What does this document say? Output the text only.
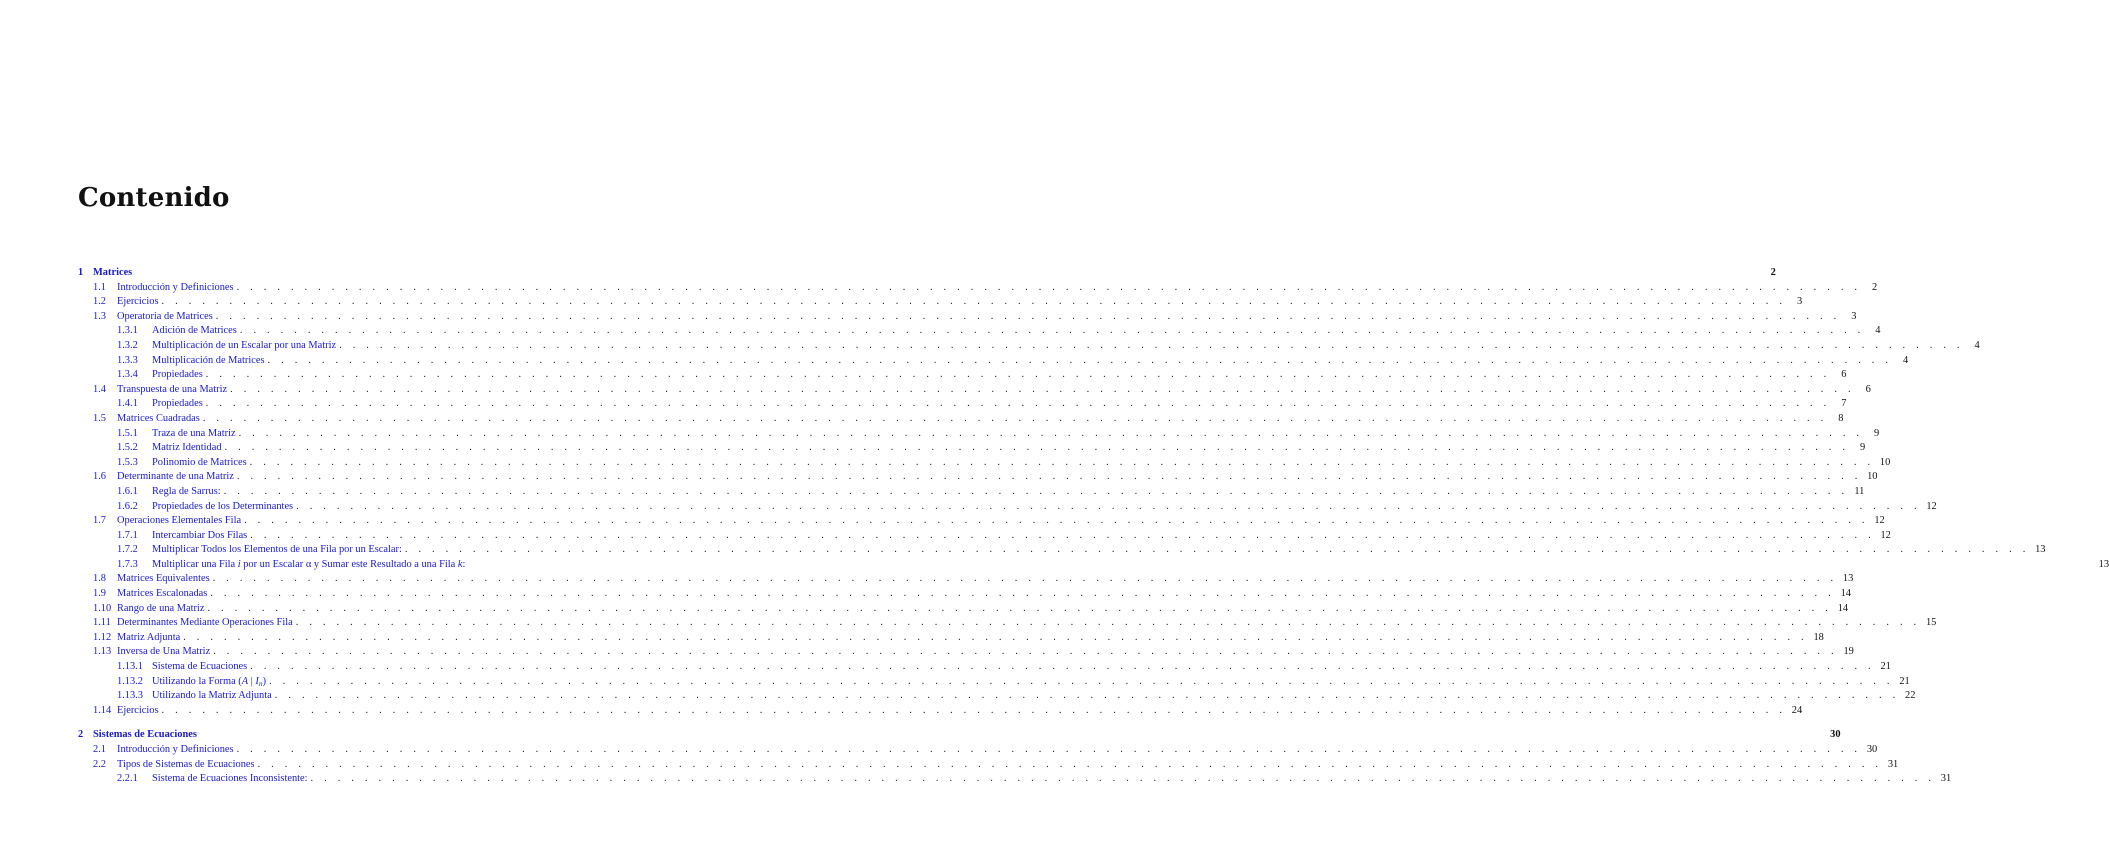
Contenido
1 Matrices	2
1.1	Introducción y Definiciones . . . . . . . . . . . . . . . . . . . . . . . . . . . . . . . . . . . . . . . . . . . . . . . . . . . . . . . . . . . . . . . . . . . . . . . . . . . . . . . . . . . . . . . . . . . . . . . . . . . . . . . . . . . . . . . . . . . . . . . .	2
1.2	Ejercicios . . . . . . . . . . . . . . . . . . . . . . . . . . . . . . . . . . . . . . . . . . . . . . . . . . . . . . . . . . . . . . . . . . . . . . . . . . . . . . . . . . . . . . . . . . . . . . . . . . . . . . . . . . . . . . . . . . . . . . . .	3
1.3	Operatoria de Matrices . . . . . . . . . . . . . . . . . . . . . . . . . . . . . . . . . . . . . . . . . . . . . . . . . . . . . . . . . . . . . . . . . . . . . . . . . . . . . . . . . . . . . . . . . . . . . . . . . . . . . . . . . . . . . . . . . . . . . . . .	3
1.3.1	Adición de Matrices . . . . . . . . . . . . . . . . . . . . . . . . . . . . . . . . . . . . . . . . . . . . . . . . . . . . . . . . . . . . . . . . . . . . . . . . . . . . . . . . . . . . . . . . . . . . . . . . . . . . . . . . . . . . . . . . . . . . . . . .	4
1.3.2	Multiplicación de un Escalar por una Matriz . . . . . . . . . . . . . . . . . . . . . . . . . . . . . . . . . . . . . . . . . . . . . . . . . . . . . . . . . . . . . . . . . . . . . . . . . . . . . . . . . . . . . . . . . . . . . . . . . . . . . . . . . . . . . . . . . . . . . . . .	4
1.3.3	Multiplicación de Matrices . . . . . . . . . . . . . . . . . . . . . . . . . . . . . . . . . . . . . . . . . . . . . . . . . . . . . . . . . . . . . . . . . . . . . . . . . . . . . . . . . . . . . . . . . . . . . . . . . . . . . . . . . . . . . . . . . . . . . . . .	4
1.3.4	Propiedades . . . . . . . . . . . . . . . . . . . . . . . . . . . . . . . . . . . . . . . . . . . . . . . . . . . . . . . . . . . . . . . . . . . . . . . . . . . . . . . . . . . . . . . . . . . . . . . . . . . . . . . . . . . . . . . . . . . . . . . .	6
1.4	Transpuesta de una Matriz . . . . . . . . . . . . . . . . . . . . . . . . . . . . . . . . . . . . . . . . . . . . . . . . . . . . . . . . . . . . . . . . . . . . . . . . . . . . . . . . . . . . . . . . . . . . . . . . . . . . . . . . . . . . . . . . . . . . . . . .	6
1.4.1	Propiedades . . . . . . . . . . . . . . . . . . . . . . . . . . . . . . . . . . . . . . . . . . . . . . . . . . . . . . . . . . . . . . . . . . . . . . . . . . . . . . . . . . . . . . . . . . . . . . . . . . . . . . . . . . . . . . . . . . . . . . . .	7
1.5	Matrices Cuadradas . . . . . . . . . . . . . . . . . . . . . . . . . . . . . . . . . . . . . . . . . . . . . . . . . . . . . . . . . . . . . . . . . . . . . . . . . . . . . . . . . . . . . . . . . . . . . . . . . . . . . . . . . . . . . . . . . . . . . . . .	8
1.5.1	Traza de una Matriz . . . . . . . . . . . . . . . . . . . . . . . . . . . . . . . . . . . . . . . . . . . . . . . . . . . . . . . . . . . . . . . . . . . . . . . . . . . . . . . . . . . . . . . . . . . . . . . . . . . . . . . . . . . . . . . . . . . . . . . .	9
1.5.2	Matriz Identidad . . . . . . . . . . . . . . . . . . . . . . . . . . . . . . . . . . . . . . . . . . . . . . . . . . . . . . . . . . . . . . . . . . . . . . . . . . . . . . . . . . . . . . . . . . . . . . . . . . . . . . . . . . . . . . . . . . . . . . . .	9
1.5.3	Polinomio de Matrices . . . . . . . . . . . . . . . . . . . . . . . . . . . . . . . . . . . . . . . . . . . . . . . . . . . . . . . . . . . . . . . . . . . . . . . . . . . . . . . . . . . . . . . . . . . . . . . . . . . . . . . . . . . . . . . . . . . . . . . . 10
1.6	Determinante de una Matriz . . . . . . . . . . . . . . . . . . . . . . . . . . . . . . . . . . . . . . . . . . . . . . . . . . . . . . . . . . . . . . . . . . . . . . . . . . . . . . . . . . . . . . . . . . . . . . . . . . . . . . . . . . . . . . . . . . . . . . . . 10
1.6.1	Regla de Sarrus: . . . . . . . . . . . . . . . . . . . . . . . . . . . . . . . . . . . . . . . . . . . . . . . . . . . . . . . . . . . . . . . . . . . . . . . . . . . . . . . . . . . . . . . . . . . . . . . . . . . . . . . . . . . . . . . . . . . . . . . . 11
1.6.2	Propiedades de los Determinantes . . . . . . . . . . . . . . . . . . . . . . . . . . . . . . . . . . . . . . . . . . . . . . . . . . . . . . . . . . . . . . . . . . . . . . . . . . . . . . . . . . . . . . . . . . . . . . . . . . . . . . . . . . . . . . . . . . . . . . . . 12
1.7	Operaciones Elementales Fila . . . . . . . . . . . . . . . . . . . . . . . . . . . . . . . . . . . . . . . . . . . . . . . . . . . . . . . . . . . . . . . . . . . . . . . . . . . . . . . . . . . . . . . . . . . . . . . . . . . . . . . . . . . . . . . . . . . . . . . . 12
1.7.1	Intercambiar Dos Filas . . . . . . . . . . . . . . . . . . . . . . . . . . . . . . . . . . . . . . . . . . . . . . . . . . . . . . . . . . . . . . . . . . . . . . . . . . . . . . . . . . . . . . . . . . . . . . . . . . . . . . . . . . . . . . . . . . . . . . . . 12
1.7.2	Multiplicar Todos los Elementos de una Fila por un Escalar: . . . . . . . . . . . . . . . . . . . . . . . . . . . . . . . . . . . . . . . . . . . . . . . . . . . . . . . . . . . . . . . . . . . . . . . . . . . . . . . . . . . . . . . . . . . . . . . . . . . . . . . . . . . . . . . . . . . . . . . . 13
1.7.3	Multiplicar una Fila i por un Escalar α y Sumar este Resultado a una Fila k:	13
1.8	Matrices Equivalentes . . . . . . . . . . . . . . . . . . . . . . . . . . . . . . . . . . . . . . . . . . . . . . . . . . . . . . . . . . . . . . . . . . . . . . . . . . . . . . . . . . . . . . . . . . . . . . . . . . . . . . . . . . . . . . . . . . . . . . . . 13
1.9	Matrices Escalonadas . . . . . . . . . . . . . . . . . . . . . . . . . . . . . . . . . . . . . . . . . . . . . . . . . . . . . . . . . . . . . . . . . . . . . . . . . . . . . . . . . . . . . . . . . . . . . . . . . . . . . . . . . . . . . . . . . . . . . . . . 14
1.10 Rango de una Matriz . . . . . . . . . . . . . . . . . . . . . . . . . . . . . . . . . . . . . . . . . . . . . . . . . . . . . . . . . . . . . . . . . . . . . . . . . . . . . . . . . . . . . . . . . . . . . . . . . . . . . . . . . . . . . . . . . . . . . . . . 14
1.11 Determinantes Mediante Operaciones Fila . . . . . . . . . . . . . . . . . . . . . . . . . . . . . . . . . . . . . . . . . . . . . . . . . . . . . . . . . . . . . . . . . . . . . . . . . . . . . . . . . . . . . . . . . . . . . . . . . . . . . . . . . . . . . . . . . . . . . . . . 15
1.12 Matriz Adjunta . . . . . . . . . . . . . . . . . . . . . . . . . . . . . . . . . . . . . . . . . . . . . . . . . . . . . . . . . . . . . . . . . . . . . . . . . . . . . . . . . . . . . . . . . . . . . . . . . . . . . . . . . . . . . . . . . . . . . . . . 18
1.13 Inversa de Una Matriz . . . . . . . . . . . . . . . . . . . . . . . . . . . . . . . . . . . . . . . . . . . . . . . . . . . . . . . . . . . . . . . . . . . . . . . . . . . . . . . . . . . . . . . . . . . . . . . . . . . . . . . . . . . . . . . . . . . . . . . . 19
1.13.1 Sistema de Ecuaciones . . . . . . . . . . . . . . . . . . . . . . . . . . . . . . . . . . . . . . . . . . . . . . . . . . . . . . . . . . . . . . . . . . . . . . . . . . . . . . . . . . . . . . . . . . . . . . . . . . . . . . . . . . . . . . . . . . . . . . . . 21
1.13.2 Utilizando la Forma (A | In) . . . . . . . . . . . . . . . . . . . . . . . . . . . . . . . . . . . . . . . . . . . . . . . . . . . . . . . . . . . . . . . . . . . . . . . . . . . . . . . . . . . . . . . . . . . . . . . . . . . . . . . . . . . . . . . . . . . . . . . . 21
1.13.3 Utilizando la Matriz Adjunta . . . . . . . . . . . . . . . . . . . . . . . . . . . . . . . . . . . . . . . . . . . . . . . . . . . . . . . . . . . . . . . . . . . . . . . . . . . . . . . . . . . . . . . . . . . . . . . . . . . . . . . . . . . . . . . . . . . . . . . . 22
1.14 Ejercicios . . . . . . . . . . . . . . . . . . . . . . . . . . . . . . . . . . . . . . . . . . . . . . . . . . . . . . . . . . . . . . . . . . . . . . . . . . . . . . . . . . . . . . . . . . . . . . . . . . . . . . . . . . . . . . . . . . . . . . . . 24
2 Sistemas de Ecuaciones	30
2.1	Introducción y Definiciones . . . . . . . . . . . . . . . . . . . . . . . . . . . . . . . . . . . . . . . . . . . . . . . . . . . . . . . . . . . . . . . . . . . . . . . . . . . . . . . . . . . . . . . . . . . . . . . . . . . . . . . . . . . . . . . . . . . . . . . . 30
2.2	Tipos de Sistemas de Ecuaciones . . . . . . . . . . . . . . . . . . . . . . . . . . . . . . . . . . . . . . . . . . . . . . . . . . . . . . . . . . . . . . . . . . . . . . . . . . . . . . . . . . . . . . . . . . . . . . . . . . . . . . . . . . . . . . . . . . . . . . . . 31
2.2.1	Sistema de Ecuaciones Inconsistente: . . . . . . . . . . . . . . . . . . . . . . . . . . . . . . . . . . . . . . . . . . . . . . . . . . . . . . . . . . . . . . . . . . . . . . . . . . . . . . . . . . . . . . . . . . . . . . . . . . . . . . . . . . . . . . . . . . . . . . . . 31
